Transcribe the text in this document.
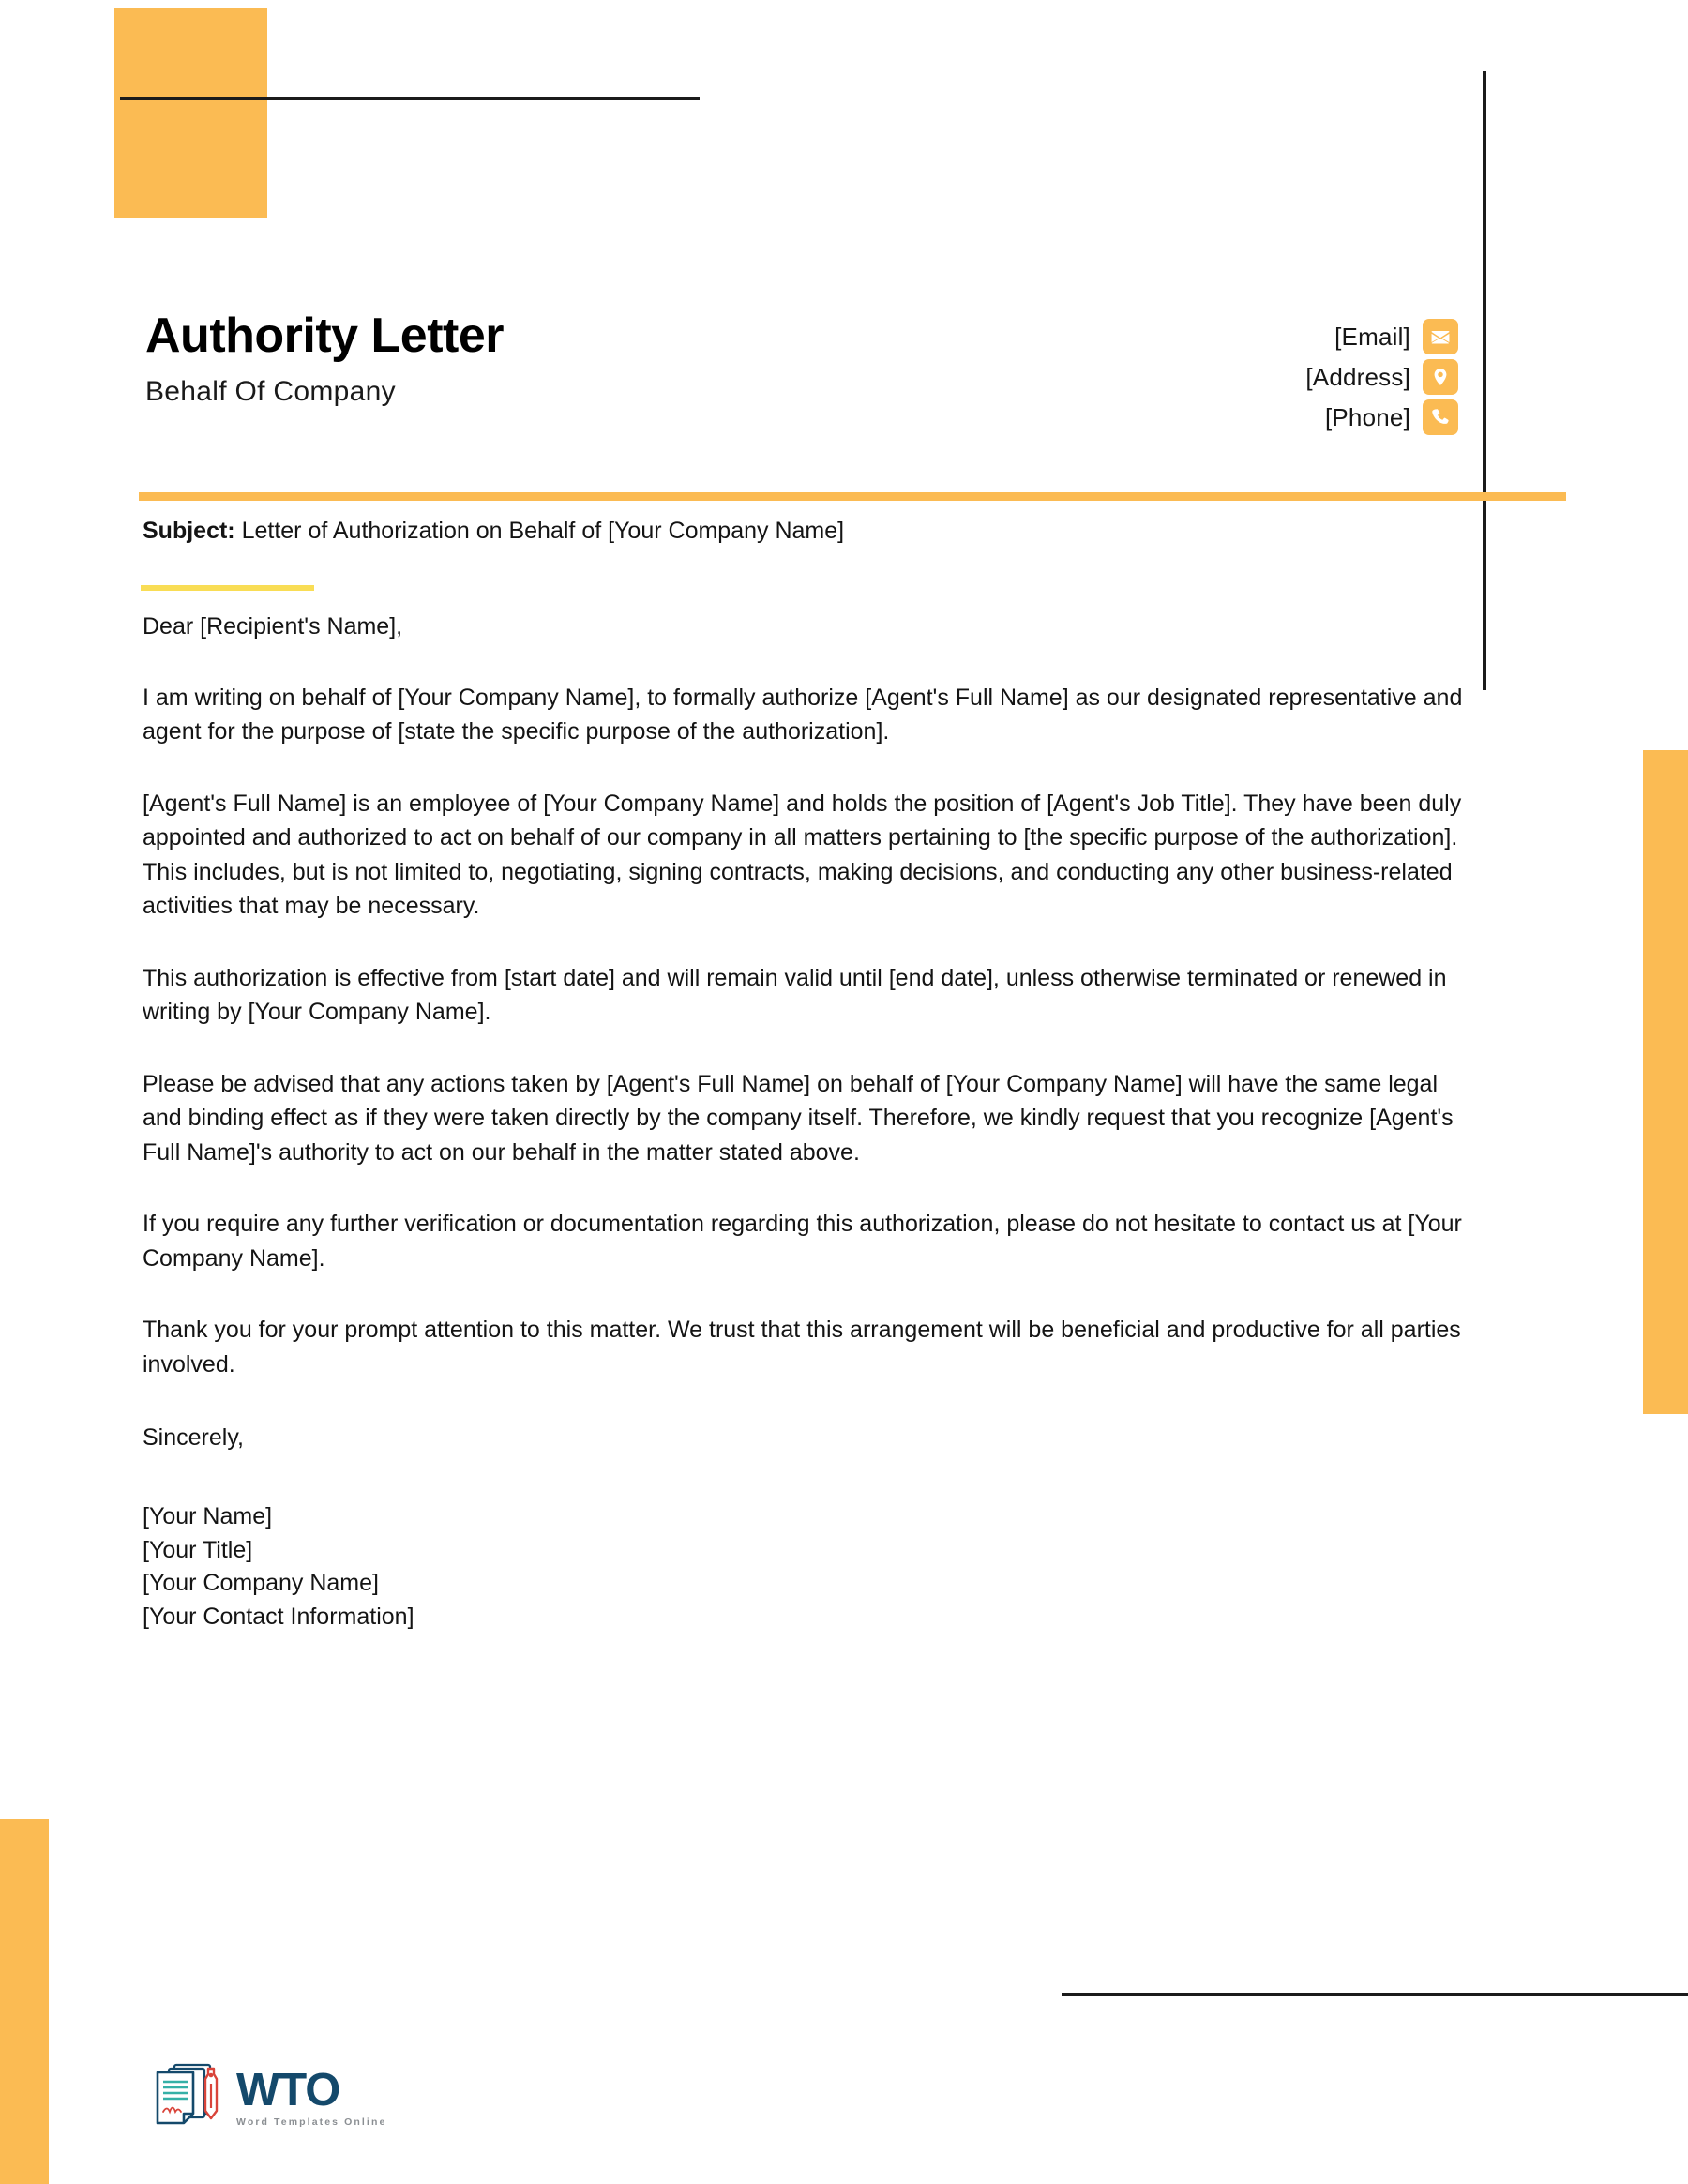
Authority Letter
Behalf Of Company
[Email]
[Address]
[Phone]

Subject: Letter of Authorization on Behalf of [Your Company Name]

Dear [Recipient's Name],

I am writing on behalf of [Your Company Name], to formally authorize [Agent's Full Name] as our designated representative and agent for the purpose of [state the specific purpose of the authorization].

[Agent's Full Name] is an employee of [Your Company Name] and holds the position of [Agent's Job Title]. They have been duly appointed and authorized to act on behalf of our company in all matters pertaining to [the specific purpose of the authorization]. This includes, but is not limited to, negotiating, signing contracts, making decisions, and conducting any other business-related activities that may be necessary.

This authorization is effective from [start date] and will remain valid until [end date], unless otherwise terminated or renewed in writing by [Your Company Name].

Please be advised that any actions taken by [Agent's Full Name] on behalf of [Your Company Name] will have the same legal and binding effect as if they were taken directly by the company itself. Therefore, we kindly request that you recognize [Agent's Full Name]'s authority to act on our behalf in the matter stated above.

If you require any further verification or documentation regarding this authorization, please do not hesitate to contact us at [Your Company Name].

Thank you for your prompt attention to this matter. We trust that this arrangement will be beneficial and productive for all parties involved.

Sincerely,

[Your Name]
[Your Title]
[Your Company Name]
[Your Contact Information]
WTO
Word Templates Online
